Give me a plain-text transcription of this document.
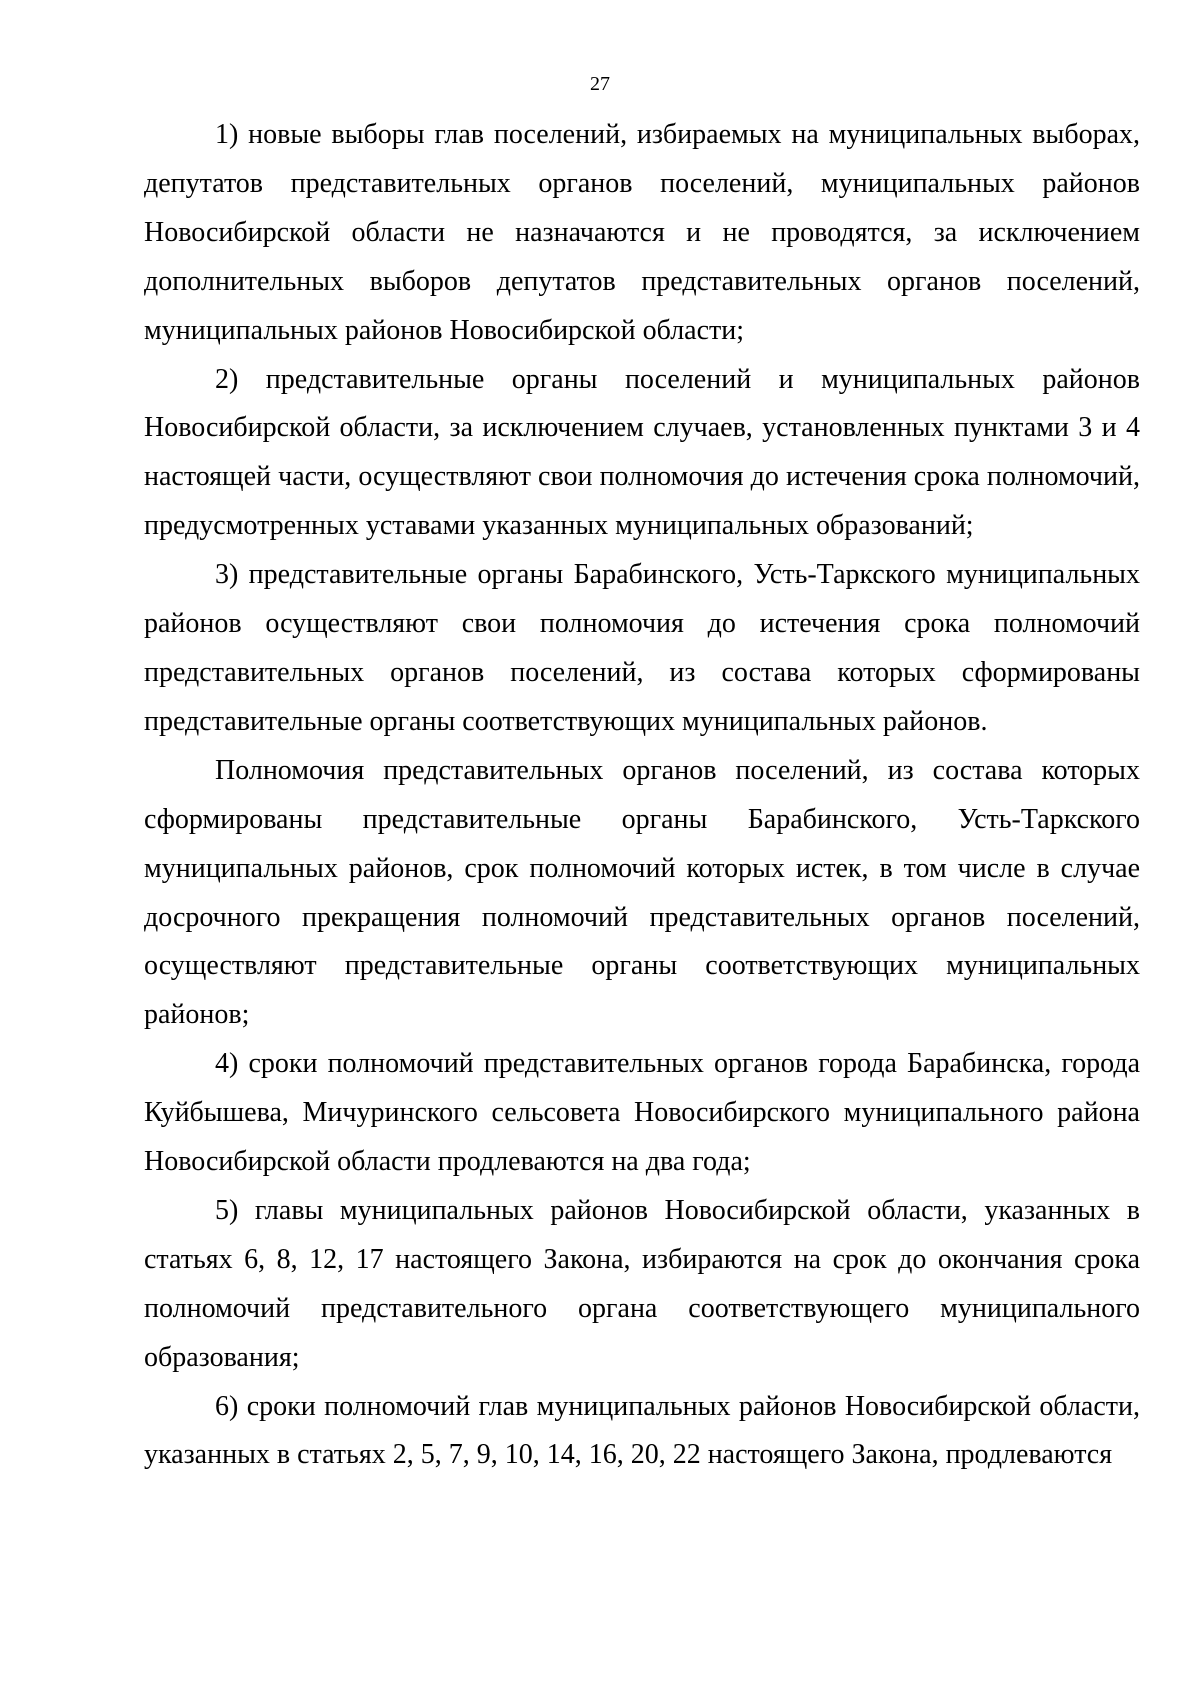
27

1) новые выборы глав поселений, избираемых на муниципальных выборах, депутатов представительных органов поселений, муниципальных районов Новосибирской области не назначаются и не проводятся, за исключением дополнительных выборов депутатов представительных органов поселений, муниципальных районов Новосибирской области;

2) представительные органы поселений и муниципальных районов Новосибирской области, за исключением случаев, установленных пунктами 3 и 4 настоящей части, осуществляют свои полномочия до истечения срока полномочий, предусмотренных уставами указанных муниципальных образований;

3) представительные органы Барабинского, Усть-Таркского муниципальных районов осуществляют свои полномочия до истечения срока полномочий представительных органов поселений, из состава которых сформированы представительные органы соответствующих муниципальных районов.

Полномочия представительных органов поселений, из состава которых сформированы представительные органы Барабинского, Усть-Таркского муниципальных районов, срок полномочий которых истек, в том числе в случае досрочного прекращения полномочий представительных органов поселений, осуществляют представительные органы соответствующих муниципальных районов;

4) сроки полномочий представительных органов города Барабинска, города Куйбышева, Мичуринского сельсовета Новосибирского муниципального района Новосибирской области продлеваются на два года;

5) главы муниципальных районов Новосибирской области, указанных в статьях 6, 8, 12, 17 настоящего Закона, избираются на срок до окончания срока полномочий представительного органа соответствующего муниципального образования;

6) сроки полномочий глав муниципальных районов Новосибирской области, указанных в статьях 2, 5, 7, 9, 10, 14, 16, 20, 22 настоящего Закона, продлеваются
